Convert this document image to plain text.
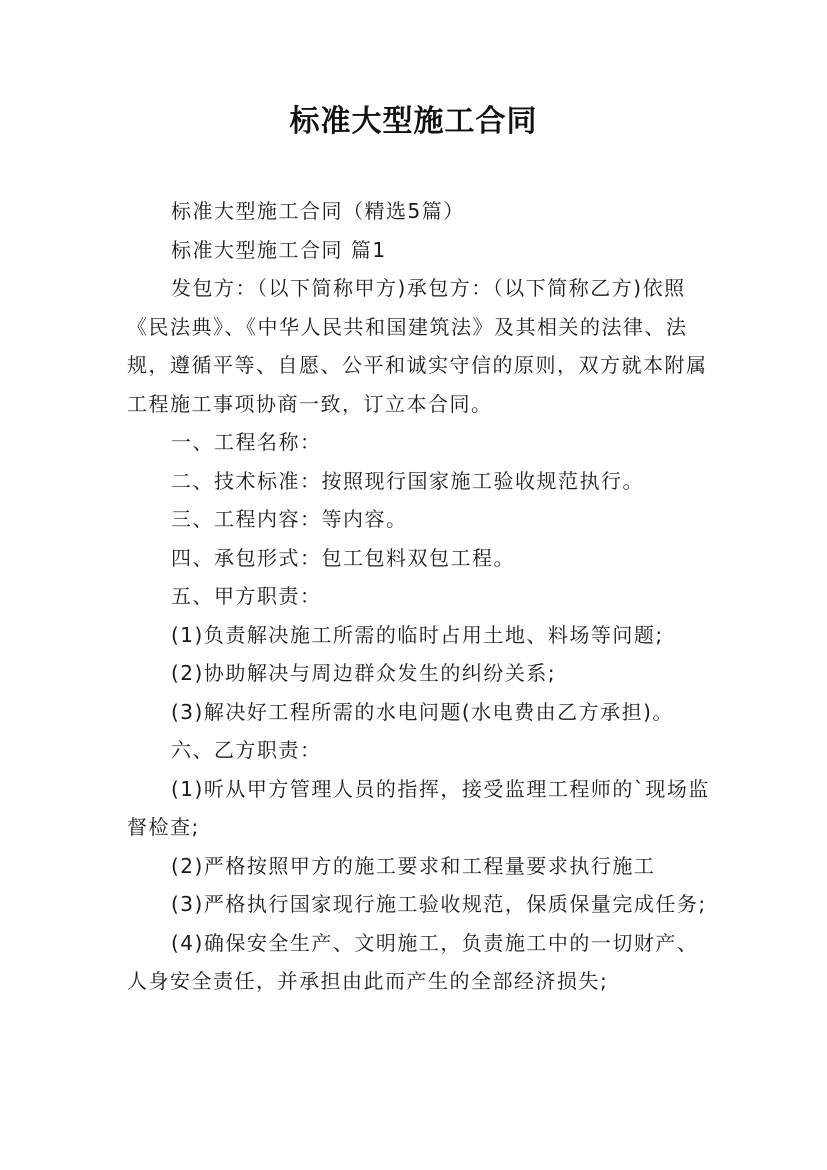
标准大型施工合同

标准大型施工合同（精选5篇）

标准大型施工合同 篇1

发包方：（以下简称甲方)承包方：（以下简称乙方)依照《民法典》、《中华人民共和国建筑法》及其相关的法律、法规，遵循平等、自愿、公平和诚实守信的原则，双方就本附属工程施工事项协商一致，订立本合同。

一、工程名称：

二、技术标准：按照现行国家施工验收规范执行。

三、工程内容：等内容。

四、承包形式：包工包料双包工程。

五、甲方职责：

(1)负责解决施工所需的临时占用土地、料场等问题;

(2)协助解决与周边群众发生的纠纷关系;

(3)解决好工程所需的水电问题(水电费由乙方承担)。

六、乙方职责：

(1)听从甲方管理人员的指挥，接受监理工程师的`现场监督检查;

(2)严格按照甲方的施工要求和工程量要求执行施工

(3)严格执行国家现行施工验收规范，保质保量完成任务;

(4)确保安全生产、文明施工，负责施工中的一切财产、人身安全责任，并承担由此而产生的全部经济损失;
